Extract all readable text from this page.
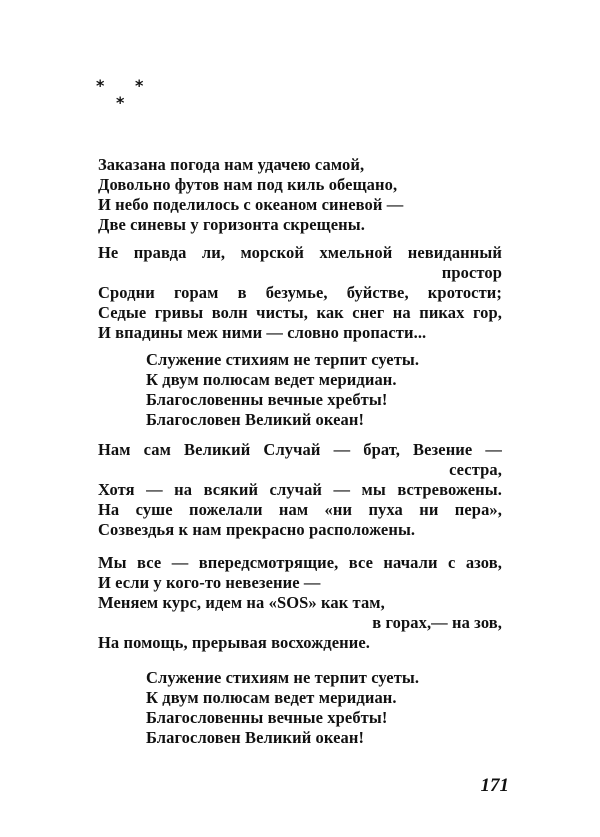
* *
*
Заказана погода нам удачею самой,
Довольно футов нам под киль обещано,
И небо поделилось с океаном синевой —
Две синевы у горизонта скрещены.
Не правда ли, морской хмельной невиданный
простор
Сродни горам в безумье, буйстве, кротости;
Седые гривы волн чисты, как снег на пиках гор,
И впадины меж ними — словно пропасти...
Служение стихиям не терпит суеты.
К двум полюсам ведет меридиан.
Благословенны вечные хребты!
Благословен Великий океан!
Нам сам Великий Случай — брат, Везение —
сестра,
Хотя — на всякий случай — мы встревожены.
На суше пожелали нам «ни пуха ни пера»,
Созвездья к нам прекрасно расположены.
Мы все — впередсмотрящие, все начали с азов,
И если у кого-то невезение —
Меняем курс, идем на «SOS» как там,
в горах,— на зов,
На помощь, прерывая восхождение.
Служение стихиям не терпит суеты.
К двум полюсам ведет меридиан.
Благословенны вечные хребты!
Благословен Великий океан!
171
